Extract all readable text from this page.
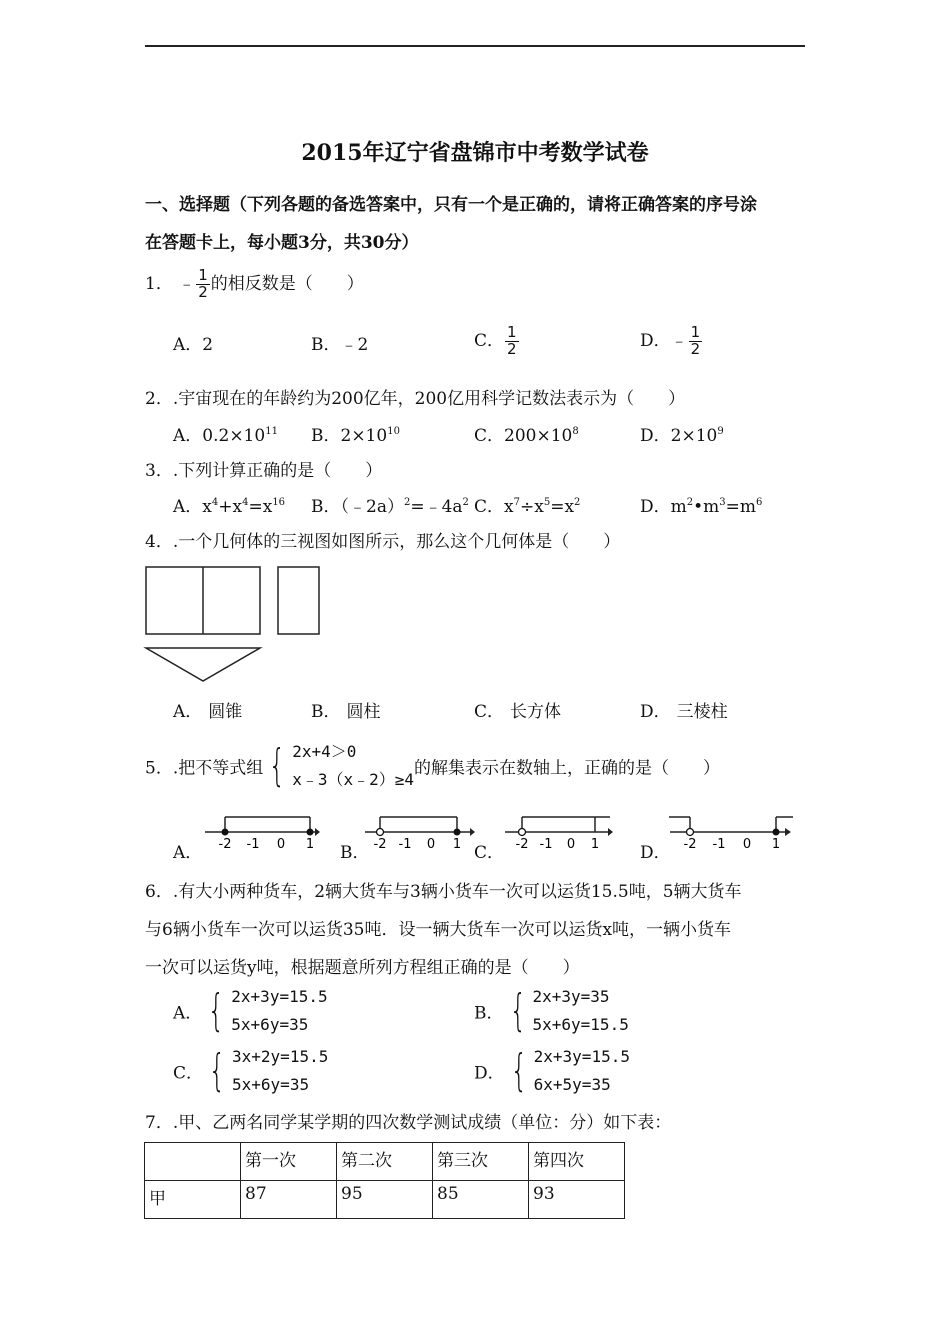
2015年辽宁省盘锦市中考数学试卷
一、选择题（下列各题的备选答案中，只有一个是正确的，请将正确答案的序号涂
在答题卡上，每小题3分，共30分）
1． ﹣ $\frac{1}{2}$ 的相反数是（　　）
A．2	B．﹣2	C． $\frac{1}{2}$	D．﹣ $\frac{1}{2}$
2．.宇宙现在的年龄约为200亿年，200亿用科学记数法表示为（　　）
A．$0.2\times 10^{11}$ B．$2\times 10^{10}$	C．$200\times 10^8$	D．$2\times 10^9$
3．.下列计算正确的是（　　）
A．$x^4+x^4=x^{16}$ B．$(﹣2a)^2=﹣4a^2$ C．$x^7\div x^5=x^2$	D．$m^2•m^3=m^6$
4．.一个几何体的三视图如图所示，那么这个几何体是（　　）
A． 圆锥	B． 圆柱	C． 长方体	D． 三棱柱
5．.把不等式组 { 2x+4＞0
x﹣3（x﹣2）≥4
的解集表示在数轴上，正确的是（　　）
A． -2 -1 0 1 B． -2 -1 0 1 C． -2 -1 0 1 D． -2 -1 0 1
6．.有大小两种货车，2辆大货车与3辆小货车一次可以运货15.5吨，5辆大货车
与6辆小货车一次可以运货35吨．设一辆大货车一次可以运货x吨，一辆小货车
一次可以运货y吨，根据题意所列方程组正确的是（　　）
A． { 2x+3y=15.5
5x+6y=35
B． { 2x+3y=35
5x+6y=15.5
C． { 3x+2y=15.5
5x+6y=35
D． { 2x+3y=15.5
6x+5y=35
7．.甲、乙两名同学某学期的四次数学测试成绩（单位：分）如下表：
	第一次	第二次	第三次	第四次
甲	87	95	85	93
